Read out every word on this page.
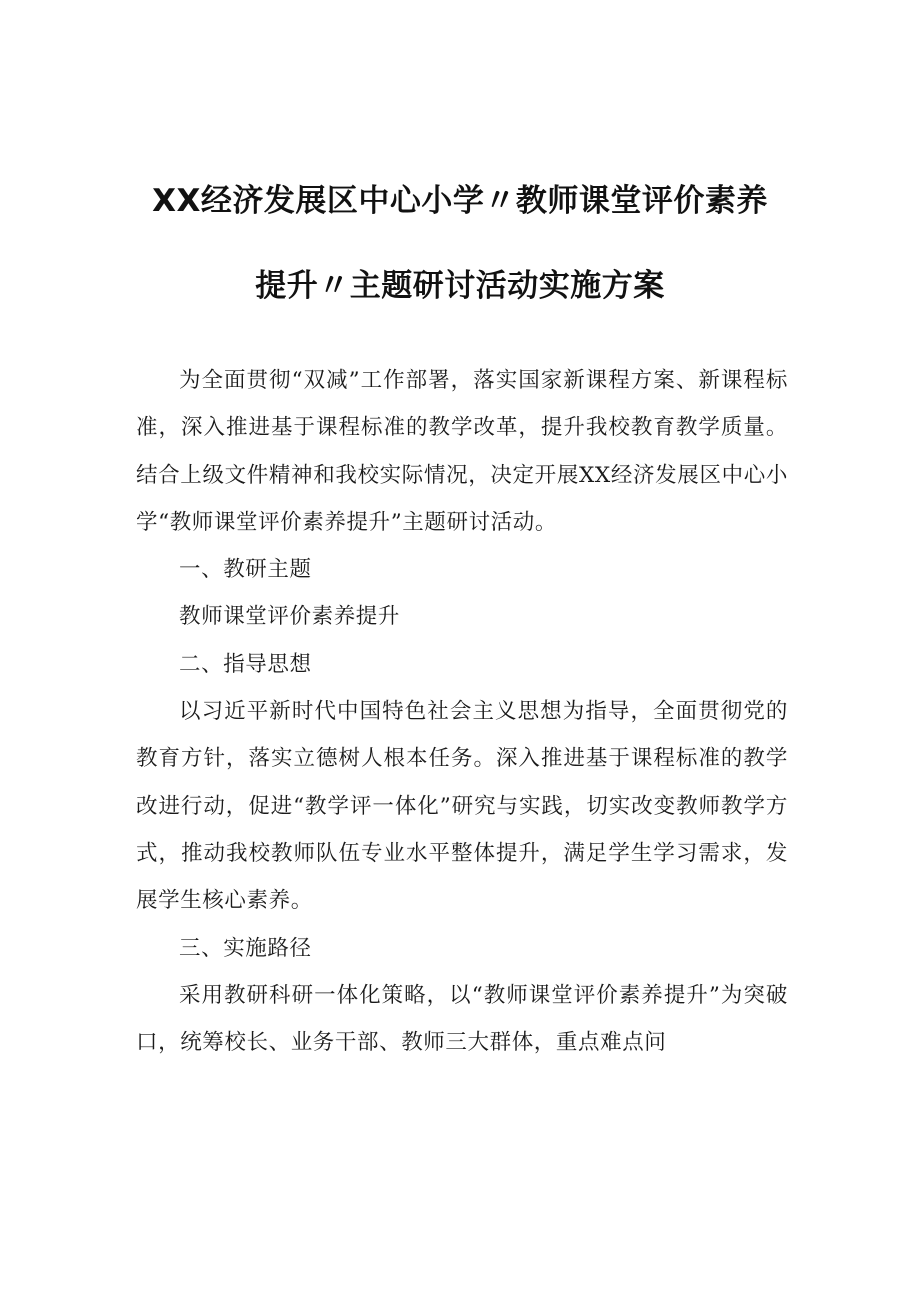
XX经济发展区中心小学〃教师课堂评价素养
提升〃主题研讨活动实施方案

为全面贯彻“双减”工作部署，落实国家新课程方案、新课程标准，深入推进基于课程标准的教学改革，提升我校教育教学质量。结合上级文件精神和我校实际情况，决定开展XX经济发展区中心小学“教师课堂评价素养提升”主题研讨活动。

一、教研主题

教师课堂评价素养提升

二、指导思想

以习近平新时代中国特色社会主义思想为指导，全面贯彻党的教育方针，落实立德树人根本任务。深入推进基于课程标准的教学改进行动，促进“教学评一体化”研究与实践，切实改变教师教学方式，推动我校教师队伍专业水平整体提升，满足学生学习需求，发展学生核心素养。

三、实施路径

采用教研科研一体化策略，以“教师课堂评价素养提升”为突破口，统筹校长、业务干部、教师三大群体，重点难点问
